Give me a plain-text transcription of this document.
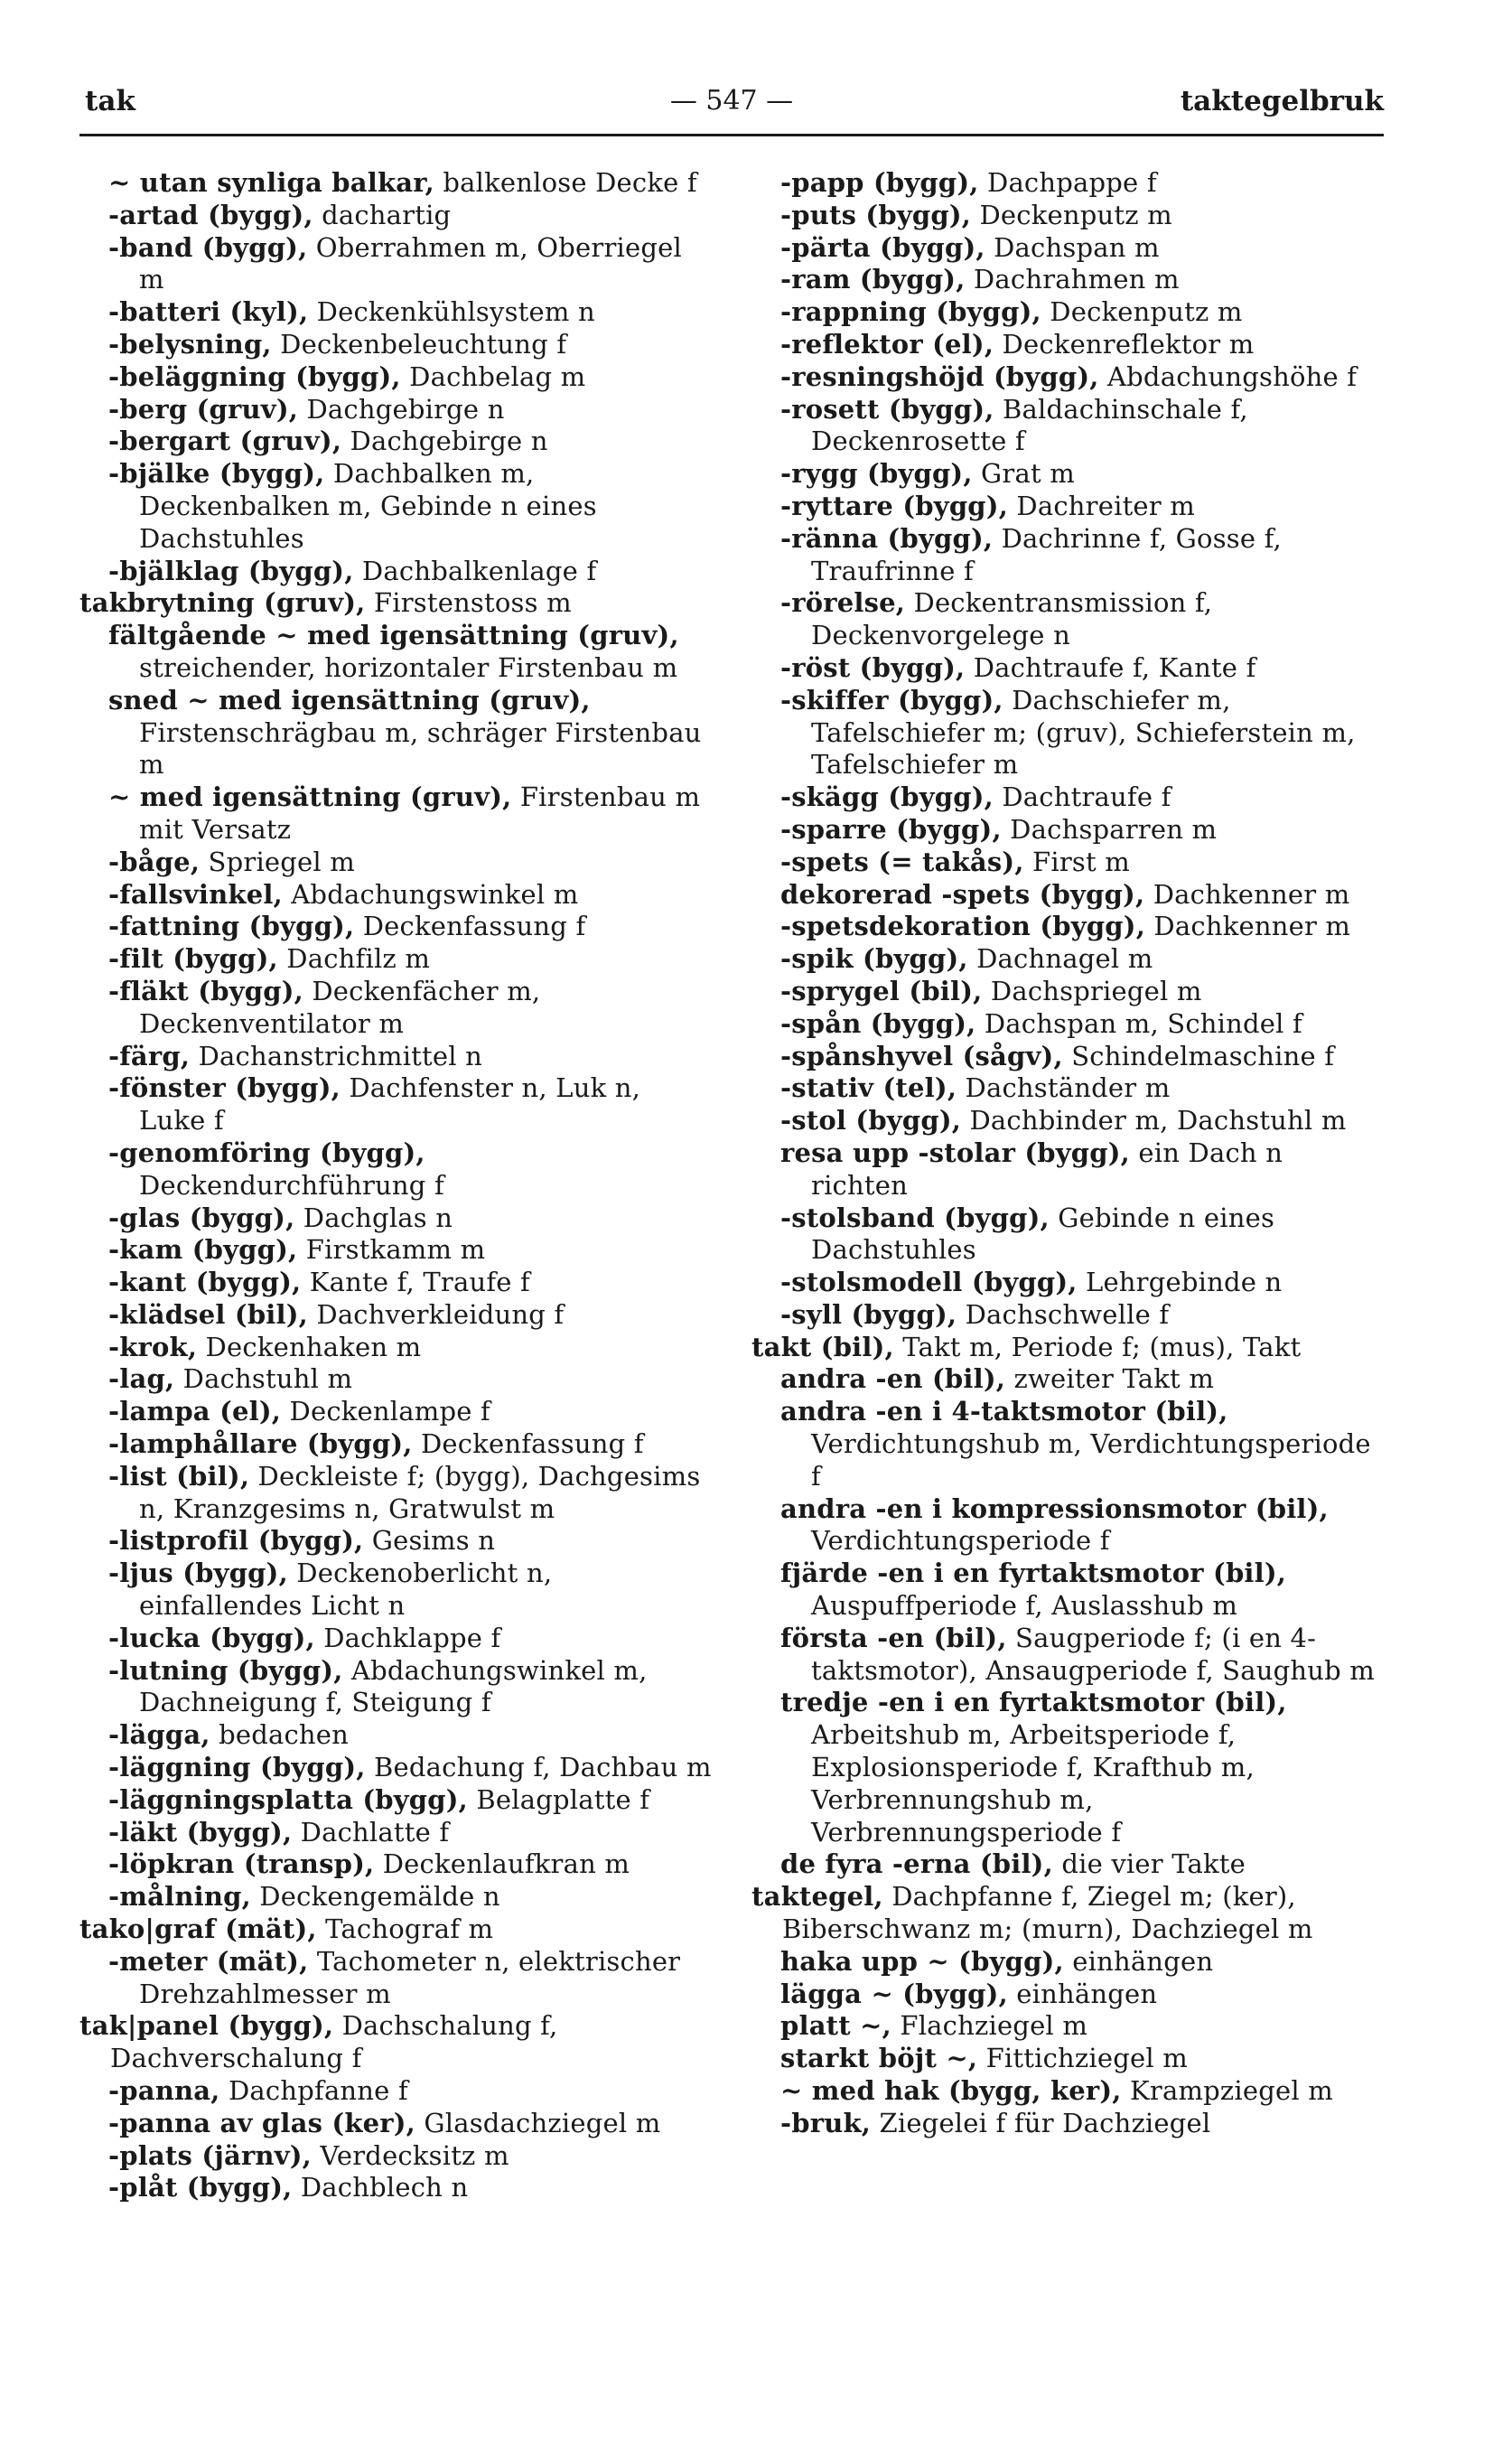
tak	— 547 —	taktegelbruk
~ utan synliga balkar, balkenlose Decke f
-artad (bygg), dachartig
-band (bygg), Oberrahmen m, Oberriegel m
-batteri (kyl), Deckenkühlsystem n
-belysning, Deckenbeleuchtung f
-beläggning (bygg), Dachbelag m
-berg (gruv), Dachgebirge n
-bergart (gruv), Dachgebirge n
-bjälke (bygg), Dachbalken m, Deckenbalken m, Gebinde n eines Dachstuhles
-bjälklag (bygg), Dachbalkenlage f
takbrytning (gruv), Firstenstoss m
fältgående ~ med igensättning (gruv), streichender, horizontaler Firstenbau m
sned ~ med igensättning (gruv), Firstenschrägbau m, schräger Firstenbau m
~ med igensättning (gruv), Firstenbau m mit Versatz
-båge, Spriegel m
-fallsvinkel, Abdachungswinkel m
-fattning (bygg), Deckenfassung f
-filt (bygg), Dachfilz m
-fläkt (bygg), Deckenfächer m, Deckenventilator m
-färg, Dachanstrichmittel n
-fönster (bygg), Dachfenster n, Luk n, Luke f
-genomföring (bygg), Deckendurchführung f
-glas (bygg), Dachglas n
-kam (bygg), Firstkamm m
-kant (bygg), Kante f, Traufe f
-klädsel (bil), Dachverkleidung f
-krok, Deckenhaken m
-lag, Dachstuhl m
-lampa (el), Deckenlampe f
-lamphållare (bygg), Deckenfassung f
-list (bil), Deckleiste f; (bygg), Dachgesims n, Kranzgesims n, Gratwulst m
-listprofil (bygg), Gesims n
-ljus (bygg), Deckenoberlicht n, einfallendes Licht n
-lucka (bygg), Dachklappe f
-lutning (bygg), Abdachungswinkel m, Dachneigung f, Steigung f
-lägga, bedachen
-läggning (bygg), Bedachung f, Dachbau m
-läggningsplatta (bygg), Belagplatte f
-läkt (bygg), Dachlatte f
-löpkran (transp), Deckenlaufkran m
-målning, Deckengemälde n
tako|graf (mät), Tachograf m
-meter (mät), Tachometer n, elektrischer Drehzahlmesser m
tak|panel (bygg), Dachschalung f, Dachverschalung f
-panna, Dachpfanne f
-panna av glas (ker), Glasdachziegel m
-plats (järnv), Verdecksitz m
-plåt (bygg), Dachblech n
-papp (bygg), Dachpappe f
-puts (bygg), Deckenputz m
-pärta (bygg), Dachspan m
-ram (bygg), Dachrahmen m
-rappning (bygg), Deckenputz m
-reflektor (el), Deckenreflektor m
-resningshöjd (bygg), Abdachungshöhe f
-rosett (bygg), Baldachinschale f, Deckenrosette f
-rygg (bygg), Grat m
-ryttare (bygg), Dachreiter m
-ränna (bygg), Dachrinne f, Gosse f, Traufrinne f
-rörelse, Deckentransmission f, Deckenvorgelege n
-röst (bygg), Dachtraufe f, Kante f
-skiffer (bygg), Dachschiefer m, Tafelschiefer m; (gruv), Schieferstein m, Tafelschiefer m
-skägg (bygg), Dachtraufe f
-sparre (bygg), Dachsparren m
-spets (= takås), First m
dekorerad -spets (bygg), Dachkenner m
-spetsdekoration (bygg), Dachkenner m
-spik (bygg), Dachnagel m
-sprygel (bil), Dachspriegel m
-spån (bygg), Dachspan m, Schindel f
-spånshyvel (sågv), Schindelmaschine f
-stativ (tel), Dachständer m
-stol (bygg), Dachbinder m, Dachstuhl m
resa upp -stolar (bygg), ein Dach n richten
-stolsband (bygg), Gebinde n eines Dachstuhles
-stolsmodell (bygg), Lehrgebinde n
-syll (bygg), Dachschwelle f
takt (bil), Takt m, Periode f; (mus), Takt
andra -en (bil), zweiter Takt m
andra -en i 4-taktsmotor (bil), Verdichtungshub m, Verdichtungsperiode f
andra -en i kompressionsmotor (bil), Verdichtungsperiode f
fjärde -en i en fyrtaktsmotor (bil), Auspuffperiode f, Auslasshub m
första -en (bil), Saugperiode f; (i en 4-taktsmotor), Ansaugperiode f, Saughub m
tredje -en i en fyrtaktsmotor (bil), Arbeitshub m, Arbeitsperiode f, Explosionsperiode f, Krafthub m, Verbrennungshub m, Verbrennungsperiode f
de fyra -erna (bil), die vier Takte
taktegel, Dachpfanne f, Ziegel m; (ker), Biberschwanz m; (murn), Dachziegel m
haka upp ~ (bygg), einhängen
lägga ~ (bygg), einhängen
platt ~, Flachziegel m
starkt böjt ~, Fittichziegel m
~ med hak (bygg, ker), Krampziegel m
-bruk, Ziegelei f für Dachziegel
